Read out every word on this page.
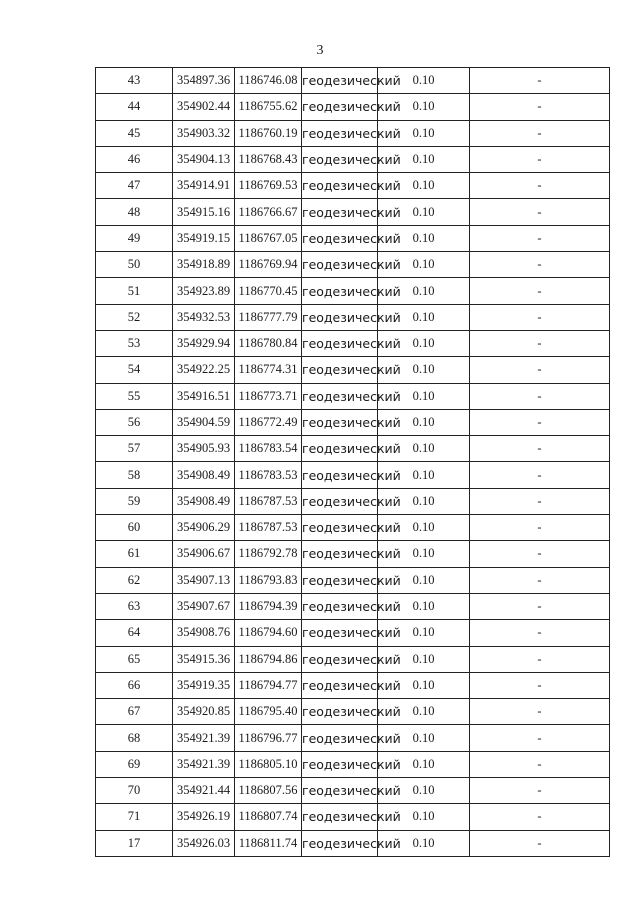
3
43	354897.36	1186746.08	геодезический	0.10	-
44	354902.44	1186755.62	геодезический	0.10	-
45	354903.32	1186760.19	геодезический	0.10	-
46	354904.13	1186768.43	геодезический	0.10	-
47	354914.91	1186769.53	геодезический	0.10	-
48	354915.16	1186766.67	геодезический	0.10	-
49	354919.15	1186767.05	геодезический	0.10	-
50	354918.89	1186769.94	геодезический	0.10	-
51	354923.89	1186770.45	геодезический	0.10	-
52	354932.53	1186777.79	геодезический	0.10	-
53	354929.94	1186780.84	геодезический	0.10	-
54	354922.25	1186774.31	геодезический	0.10	-
55	354916.51	1186773.71	геодезический	0.10	-
56	354904.59	1186772.49	геодезический	0.10	-
57	354905.93	1186783.54	геодезический	0.10	-
58	354908.49	1186783.53	геодезический	0.10	-
59	354908.49	1186787.53	геодезический	0.10	-
60	354906.29	1186787.53	геодезический	0.10	-
61	354906.67	1186792.78	геодезический	0.10	-
62	354907.13	1186793.83	геодезический	0.10	-
63	354907.67	1186794.39	геодезический	0.10	-
64	354908.76	1186794.60	геодезический	0.10	-
65	354915.36	1186794.86	геодезический	0.10	-
66	354919.35	1186794.77	геодезический	0.10	-
67	354920.85	1186795.40	геодезический	0.10	-
68	354921.39	1186796.77	геодезический	0.10	-
69	354921.39	1186805.10	геодезический	0.10	-
70	354921.44	1186807.56	геодезический	0.10	-
71	354926.19	1186807.74	геодезический	0.10	-
17	354926.03	1186811.74	геодезический	0.10	-
